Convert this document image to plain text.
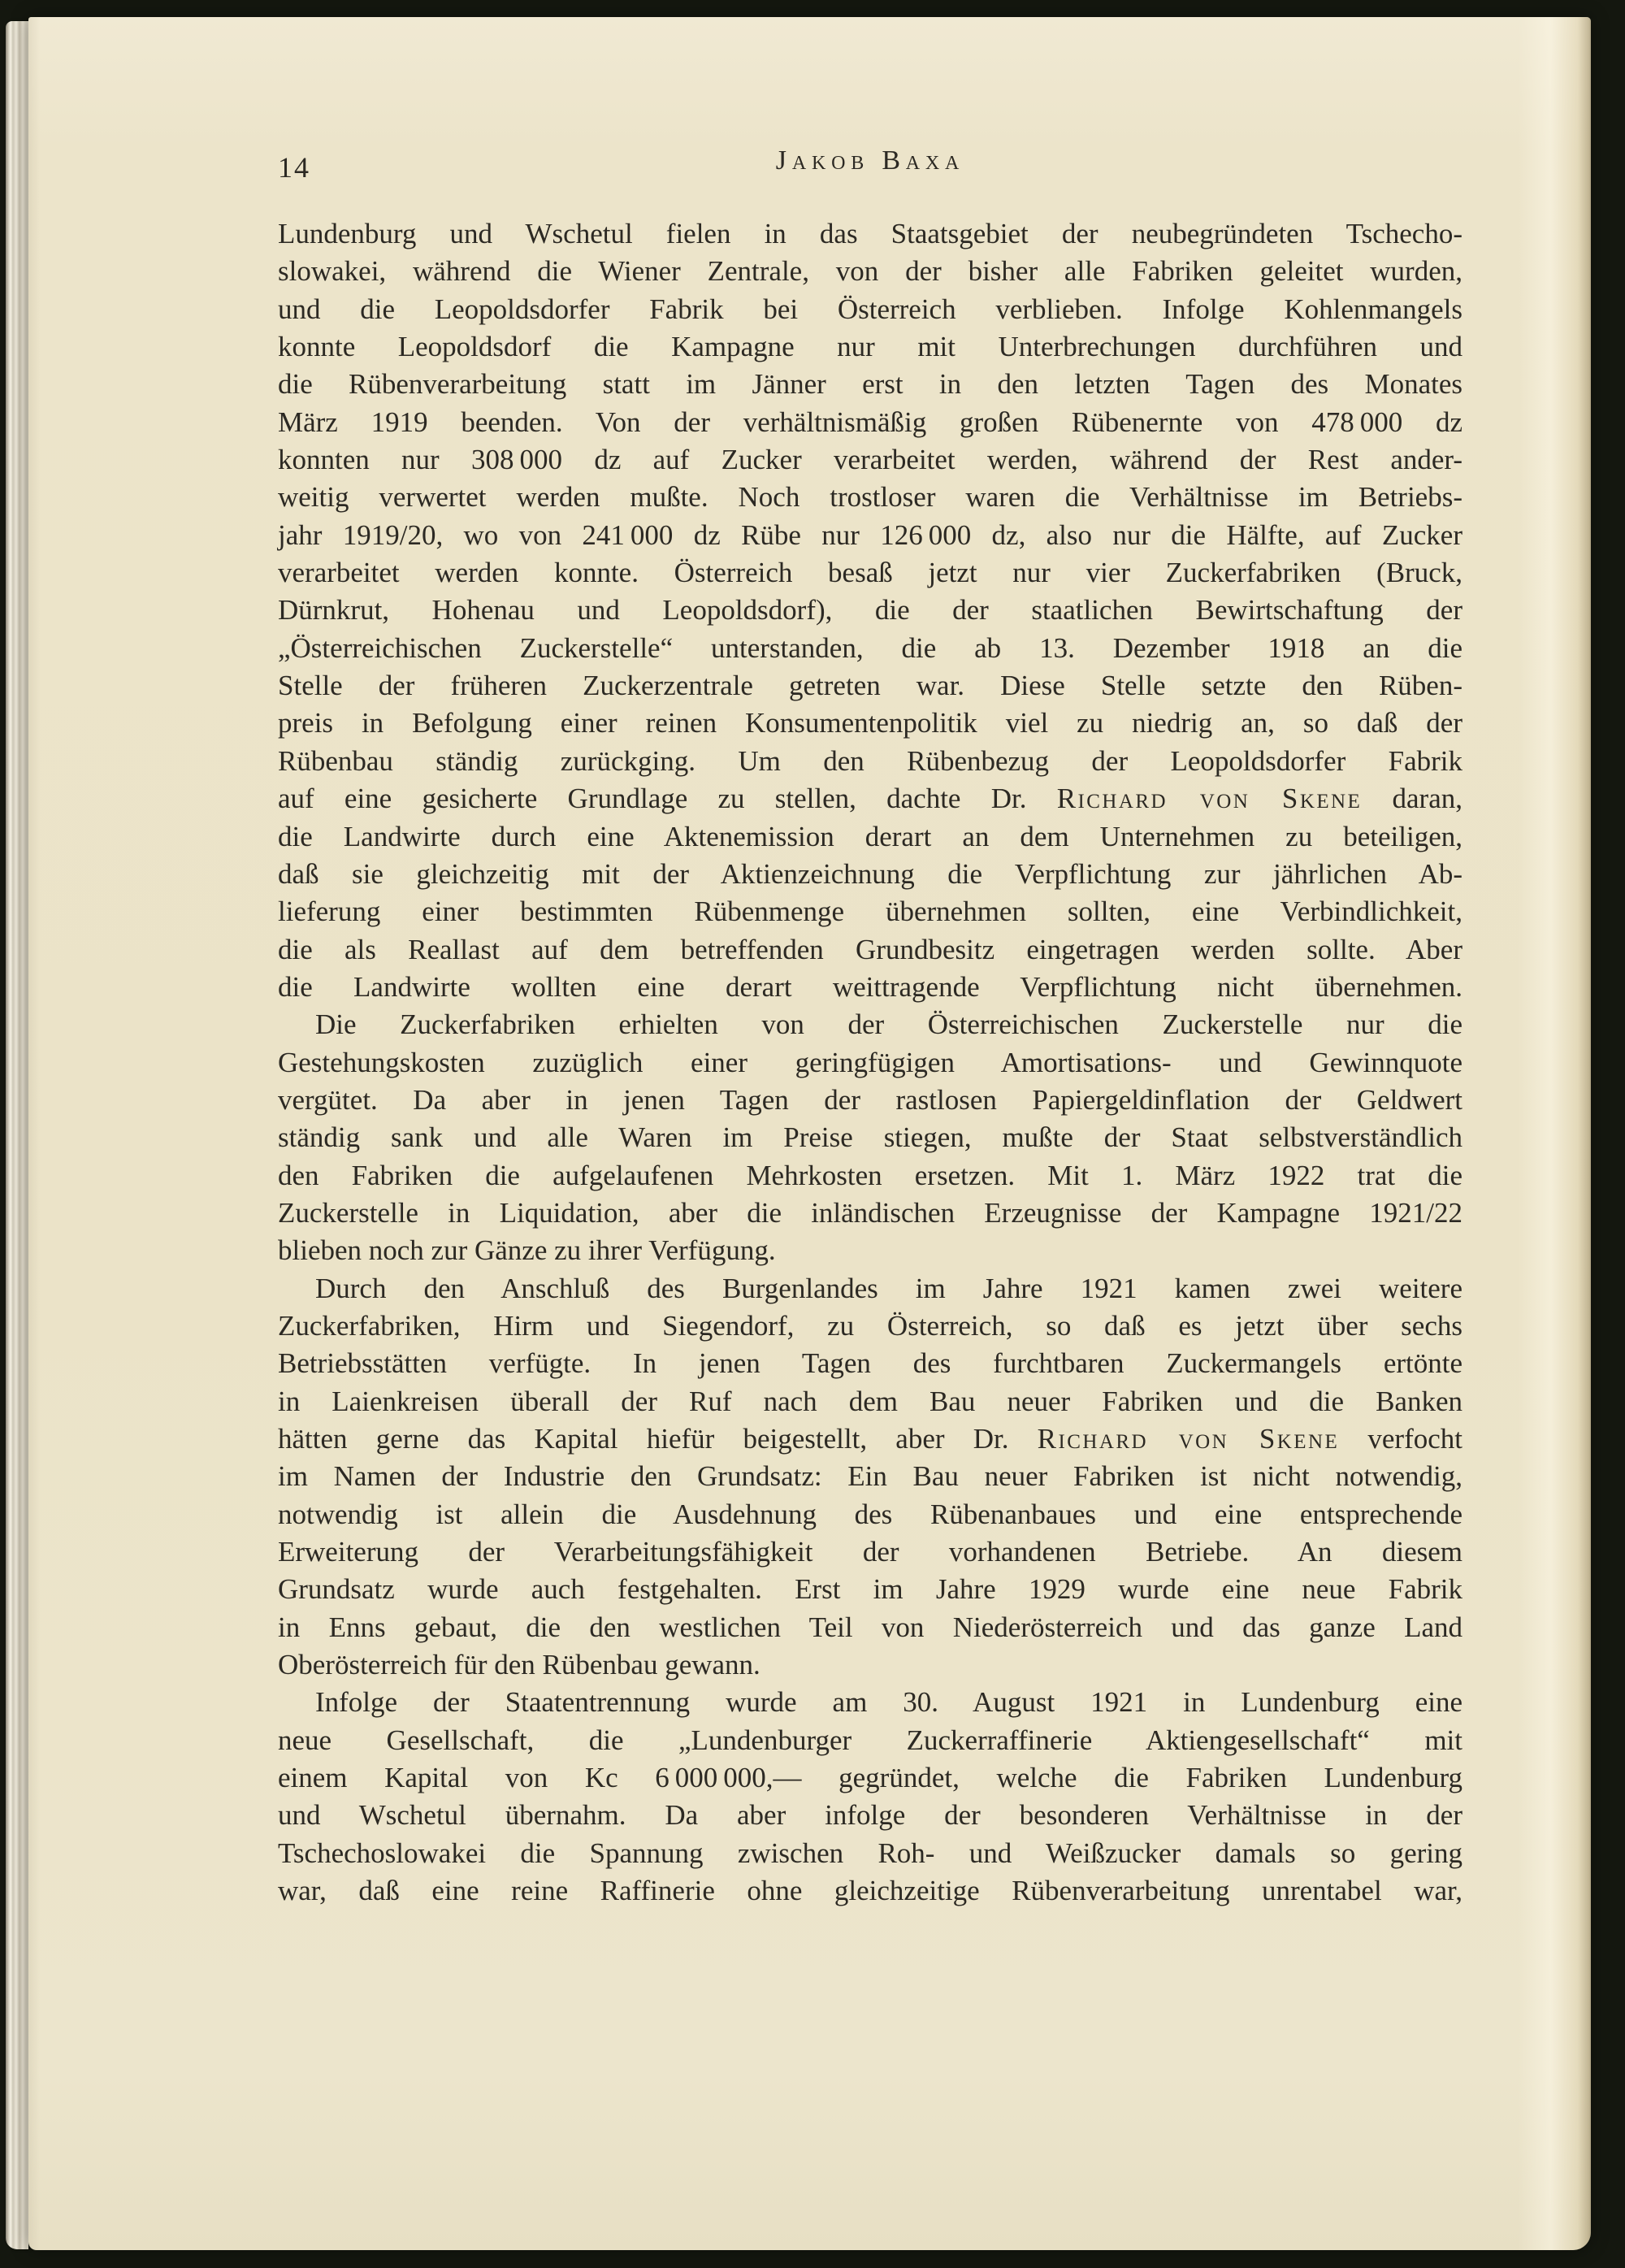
14	Jakob Baxa
Lundenburg und Wschetul fielen in das Staatsgebiet der neubegründeten Tschecho-
slowakei, während die Wiener Zentrale, von der bisher alle Fabriken geleitet wurden,
und die Leopoldsdorfer Fabrik bei Österreich verblieben. Infolge Kohlenmangels
konnte Leopoldsdorf die Kampagne nur mit Unterbrechungen durchführen und
die Rübenverarbeitung statt im Jänner erst in den letzten Tagen des Monates
März 1919 beenden. Von der verhältnismäßig großen Rübenernte von 478 000 dz
konnten nur 308 000 dz auf Zucker verarbeitet werden, während der Rest ander-
weitig verwertet werden mußte. Noch trostloser waren die Verhältnisse im Betriebs-
jahr 1919/20, wo von 241 000 dz Rübe nur 126 000 dz, also nur die Hälfte, auf Zucker
verarbeitet werden konnte. Österreich besaß jetzt nur vier Zuckerfabriken (Bruck,
Dürnkrut, Hohenau und Leopoldsdorf), die der staatlichen Bewirtschaftung der
„Österreichischen Zuckerstelle“ unterstanden, die ab 13. Dezember 1918 an die
Stelle der früheren Zuckerzentrale getreten war. Diese Stelle setzte den Rüben-
preis in Befolgung einer reinen Konsumentenpolitik viel zu niedrig an, so daß der
Rübenbau ständig zurückging. Um den Rübenbezug der Leopoldsdorfer Fabrik
auf eine gesicherte Grundlage zu stellen, dachte Dr. Richard von Skene daran,
die Landwirte durch eine Aktenemission derart an dem Unternehmen zu beteiligen,
daß sie gleichzeitig mit der Aktienzeichnung die Verpflichtung zur jährlichen Ab-
lieferung einer bestimmten Rübenmenge übernehmen sollten, eine Verbindlichkeit,
die als Reallast auf dem betreffenden Grundbesitz eingetragen werden sollte. Aber
die Landwirte wollten eine derart weittragende Verpflichtung nicht übernehmen.
Die Zuckerfabriken erhielten von der Österreichischen Zuckerstelle nur die
Gestehungskosten zuzüglich einer geringfügigen Amortisations- und Gewinnquote
vergütet. Da aber in jenen Tagen der rastlosen Papiergeldinflation der Geldwert
ständig sank und alle Waren im Preise stiegen, mußte der Staat selbstverständlich
den Fabriken die aufgelaufenen Mehrkosten ersetzen. Mit 1. März 1922 trat die
Zuckerstelle in Liquidation, aber die inländischen Erzeugnisse der Kampagne 1921/22
blieben noch zur Gänze zu ihrer Verfügung.
Durch den Anschluß des Burgenlandes im Jahre 1921 kamen zwei weitere
Zuckerfabriken, Hirm und Siegendorf, zu Österreich, so daß es jetzt über sechs
Betriebsstätten verfügte. In jenen Tagen des furchtbaren Zuckermangels ertönte
in Laienkreisen überall der Ruf nach dem Bau neuer Fabriken und die Banken
hätten gerne das Kapital hiefür beigestellt, aber Dr. Richard von Skene verfocht
im Namen der Industrie den Grundsatz: Ein Bau neuer Fabriken ist nicht notwendig,
notwendig ist allein die Ausdehnung des Rübenanbaues und eine entsprechende
Erweiterung der Verarbeitungsfähigkeit der vorhandenen Betriebe. An diesem
Grundsatz wurde auch festgehalten. Erst im Jahre 1929 wurde eine neue Fabrik
in Enns gebaut, die den westlichen Teil von Niederösterreich und das ganze Land
Oberösterreich für den Rübenbau gewann.
Infolge der Staatentrennung wurde am 30. August 1921 in Lundenburg eine
neue Gesellschaft, die „Lundenburger Zuckerraffinerie Aktiengesellschaft“ mit
einem Kapital von Kc 6 000 000,— gegründet, welche die Fabriken Lundenburg
und Wschetul übernahm. Da aber infolge der besonderen Verhältnisse in der
Tschechoslowakei die Spannung zwischen Roh- und Weißzucker damals so gering
war, daß eine reine Raffinerie ohne gleichzeitige Rübenverarbeitung unrentabel war,
